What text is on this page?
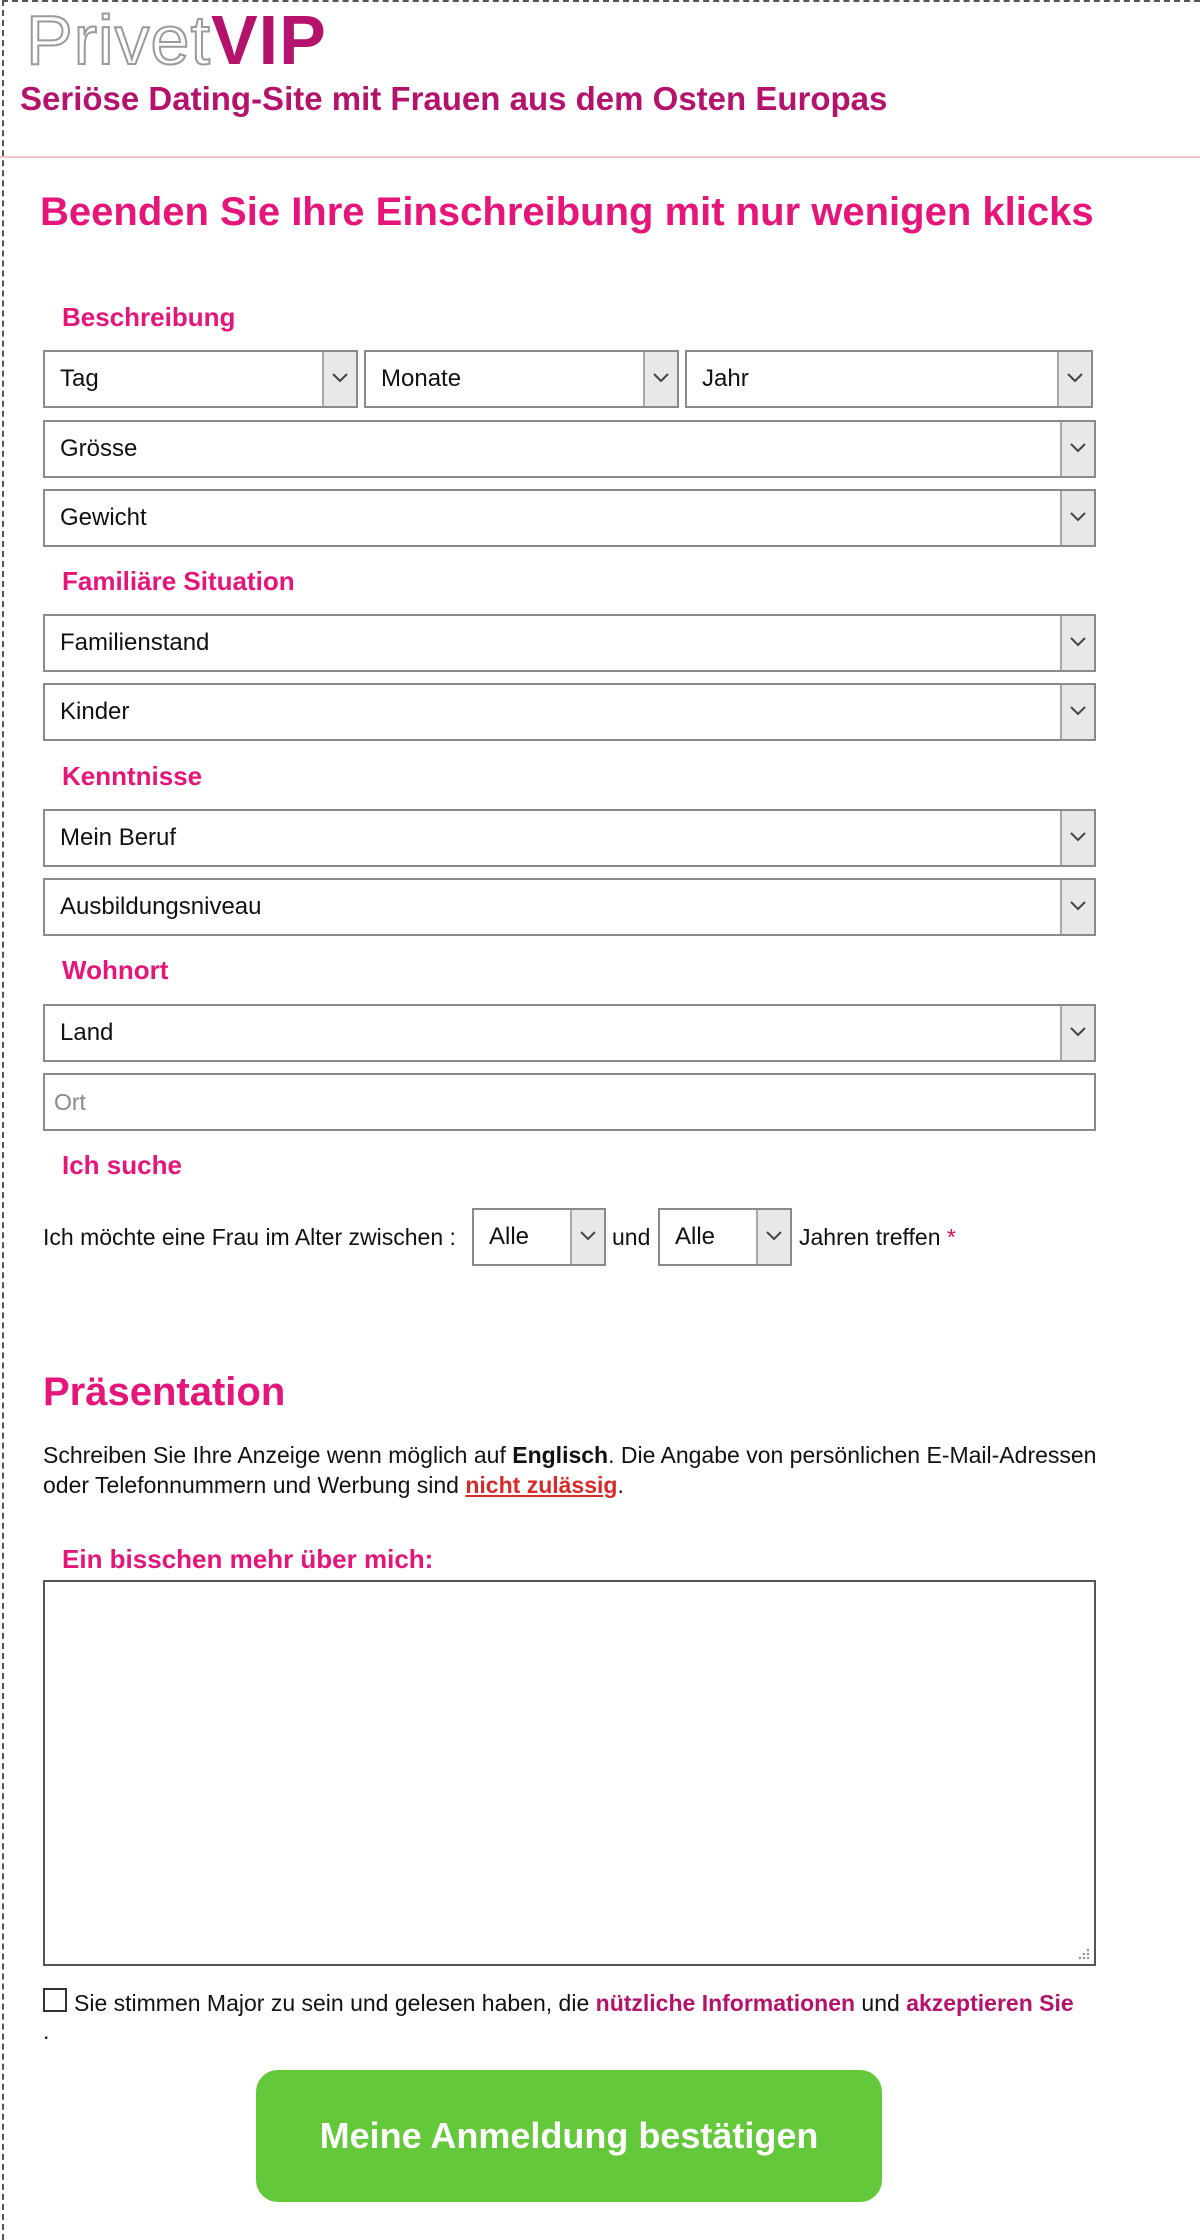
PrivetVIP
Seriöse Dating-Site mit Frauen aus dem Osten Europas
Beenden Sie Ihre Einschreibung mit nur wenigen klicks
Beschreibung
Tag	Monate	Jahr
Grösse
Gewicht
Familiäre Situation
Familienstand
Kinder
Kenntnisse
Mein Beruf
Ausbildungsniveau
Wohnort
Land
Ort
Ich suche
Ich möchte eine Frau im Alter zwischen : Alle	und Alle	Jahren treffen *
Präsentation
Schreiben Sie Ihre Anzeige wenn möglich auf Englisch. Die Angabe von persönlichen E-Mail-Adressen oder Telefonnummern und Werbung sind nicht zulässig.
Ein bisschen mehr über mich:
Sie stimmen Major zu sein und gelesen haben, die nützliche Informationen und akzeptieren Sie
.
Meine Anmeldung bestätigen
